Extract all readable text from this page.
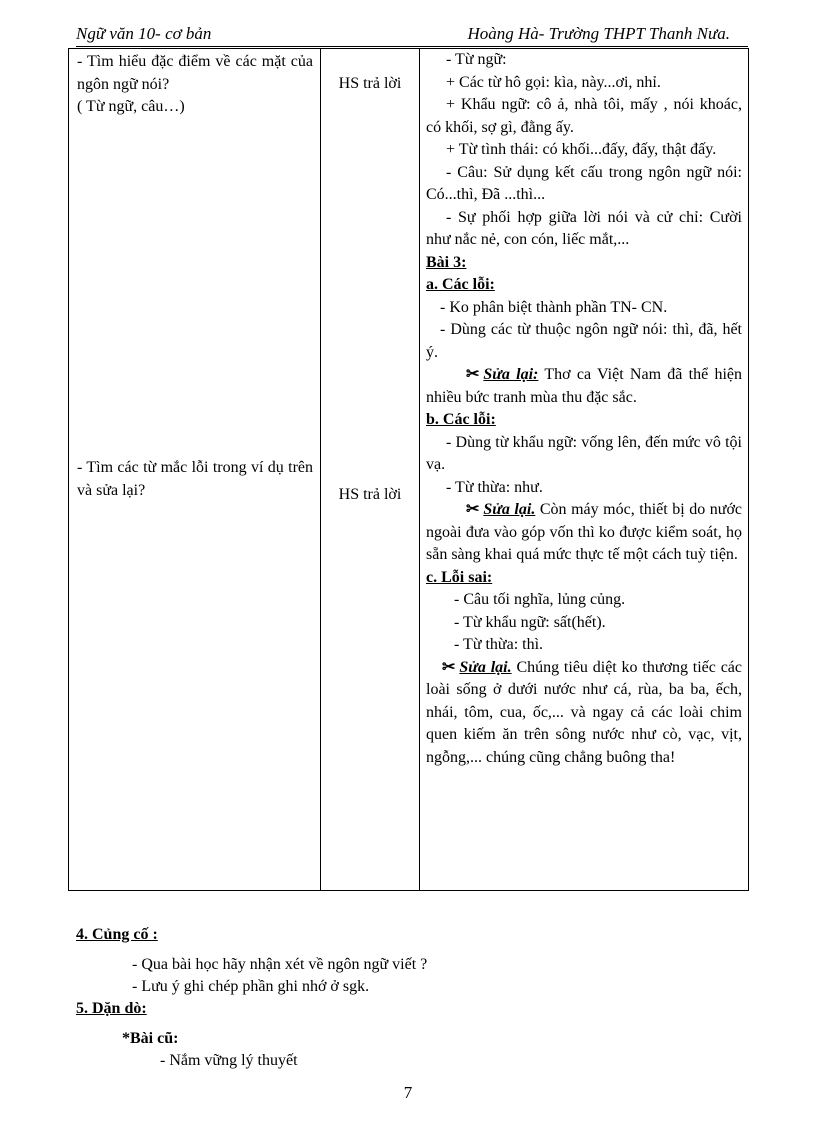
Ngữ văn 10- cơ bản	Hoàng Hà- Trường THPT Thanh Nưa.
- Tìm hiểu đặc điểm về các mặt của ngôn ngữ nói?
( Từ ngữ, câu…)
- Tìm các từ mắc lỗi trong ví dụ trên và sửa lại?
HS trả lời
HS trả lời
- Từ ngữ:
+ Các từ hô gọi: kìa, này...ơi, nhỉ.
+ Khẩu ngữ: cô ả, nhà tôi, mấy , nói khoác, có khối, sợ gì, đằng ấy.
+ Từ tình thái: có khối...đấy, đấy, thật đấy.
- Câu: Sử dụng kết cấu trong ngôn ngữ nói: Có...thì, Đã ...thì...
- Sự phối hợp giữa lời nói và cử chỉ: Cười như nắc nẻ, con cón, liếc mắt,...
Bài 3:
a. Các lỗi:
- Ko phân biệt thành phần TN- CN.
- Dùng các từ thuộc ngôn ngữ nói: thì, đã, hết ý.
✂ Sửa lại: Thơ ca Việt Nam đã thể hiện nhiều bức tranh mùa thu đặc sắc.
b. Các lỗi:
- Dùng từ khẩu ngữ: vống lên, đến mức vô tội vạ.
- Từ thừa: như.
✂ Sửa lại. Còn máy móc, thiết bị do nước ngoài đưa vào góp vốn thì ko được kiểm soát, họ sẵn sàng khai quá mức thực tế một cách tuỳ tiện.
c. Lỗi sai:
- Câu tối nghĩa, lủng củng.
- Từ khẩu ngữ: sất(hết).
- Từ thừa: thì.
✂ Sửa lại. Chúng tiêu diệt ko thương tiếc các loài sống ở dưới nước như cá, rùa, ba ba, ếch, nhái, tôm, cua, ốc,... và ngay cả các loài chim quen kiếm ăn trên sông nước như cò, vạc, vịt, ngỗng,... chúng cũng chẳng buông tha!
4. Củng cố :
- Qua bài học hãy nhận xét về ngôn ngữ viết ?
- Lưu ý ghi chép phần ghi nhớ ở sgk.
5. Dặn dò:
*Bài cũ:
- Nắm vững lý thuyết
7
